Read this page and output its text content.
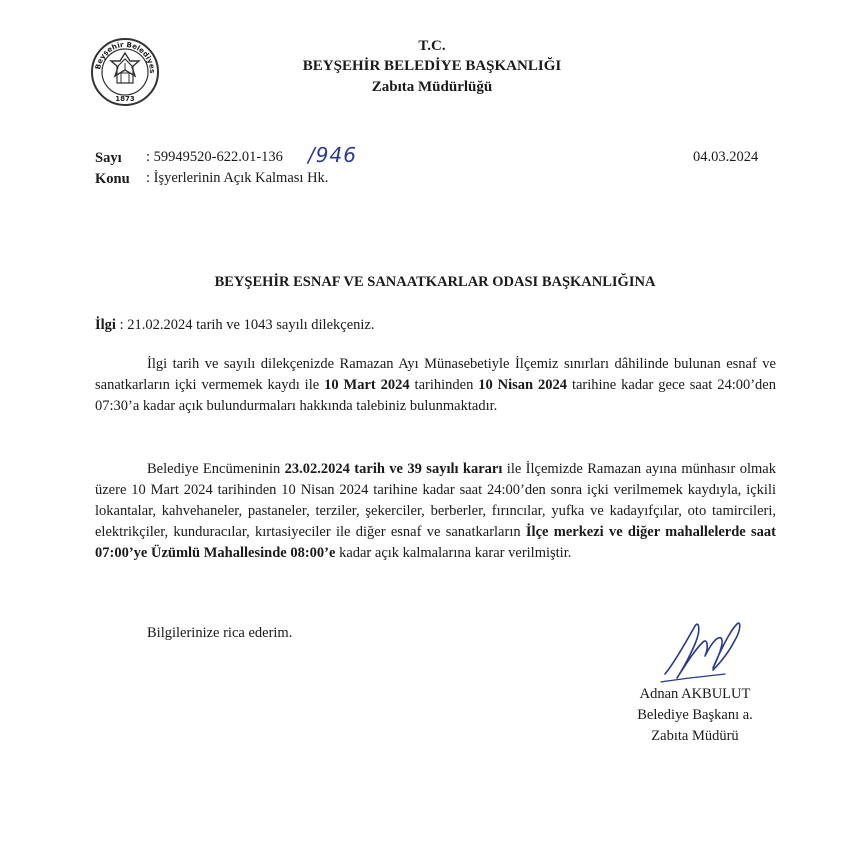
Beyşehir Belediyes
1873
T.C.
BEYŞEHİR BELEDİYE BAŞKANLIĞI
Zabıta Müdürlüğü
Sayı : 59949520-622.01-136 /946	04.03.2024
Konu : İşyerlerinin Açık Kalması Hk.
BEYŞEHİR ESNAF VE SANAATKARLAR ODASI BAŞKANLIĞINA
İlgi : 21.02.2024 tarih ve 1043 sayılı dilekçeniz.
İlgi tarih ve sayılı dilekçenizde Ramazan Ayı Münasebetiyle İlçemiz sınırları dâhilinde bulunan esnaf ve sanatkarların içki vermemek kaydı ile 10 Mart 2024 tarihinden 10 Nisan 2024 tarihine kadar gece saat 24:00’den 07:30’a kadar açık bulundurmaları hakkında talebiniz bulunmaktadır.
Belediye Encümeninin 23.02.2024 tarih ve 39 sayılı kararı ile İlçemizde Ramazan ayına münhasır olmak üzere 10 Mart 2024 tarihinden 10 Nisan 2024 tarihine kadar saat 24:00’den sonra içki verilmemek kaydıyla, içkili lokantalar, kahvehaneler, pastaneler, terziler, şekerciler, berberler, fırıncılar, yufka ve kadayıfçılar, oto tamircileri, elektrikçiler, kunduracılar, kırtasiyeciler ile diğer esnaf ve sanatkarların İlçe merkezi ve diğer mahallelerde saat 07:00’ye Üzümlü Mahallesinde 08:00’e kadar açık kalmalarına karar verilmiştir.
Bilgilerinize rica ederim.
Adnan AKBULUT
Belediye Başkanı a.
Zabıta Müdürü
